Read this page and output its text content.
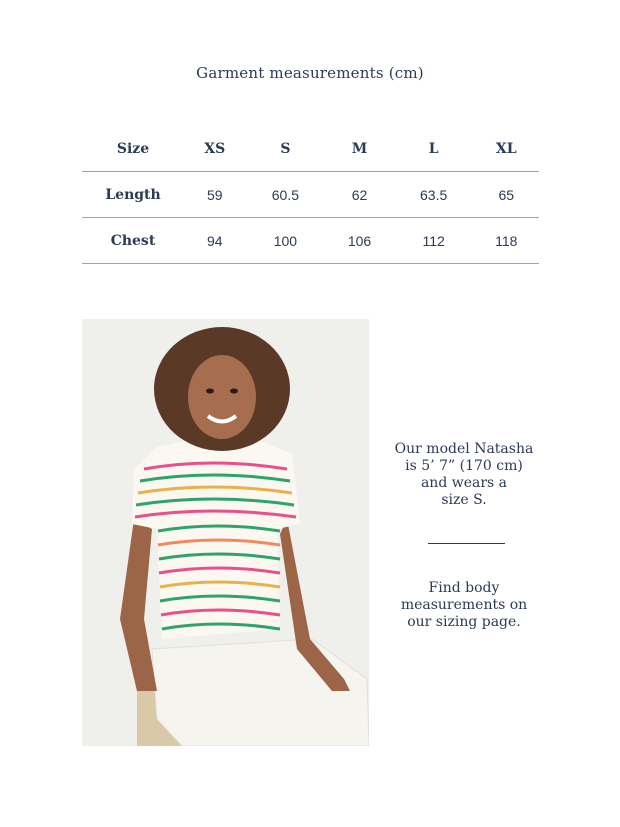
Garment measurements (cm)
Size	XS	S	M	L	XL
Length	59	60.5	62	63.5	65
Chest	94	100	106	112	118
Our model Natasha
is 5’ 7” (170 cm)
and wears a
size S.
Find body
measurements on
our sizing page.
